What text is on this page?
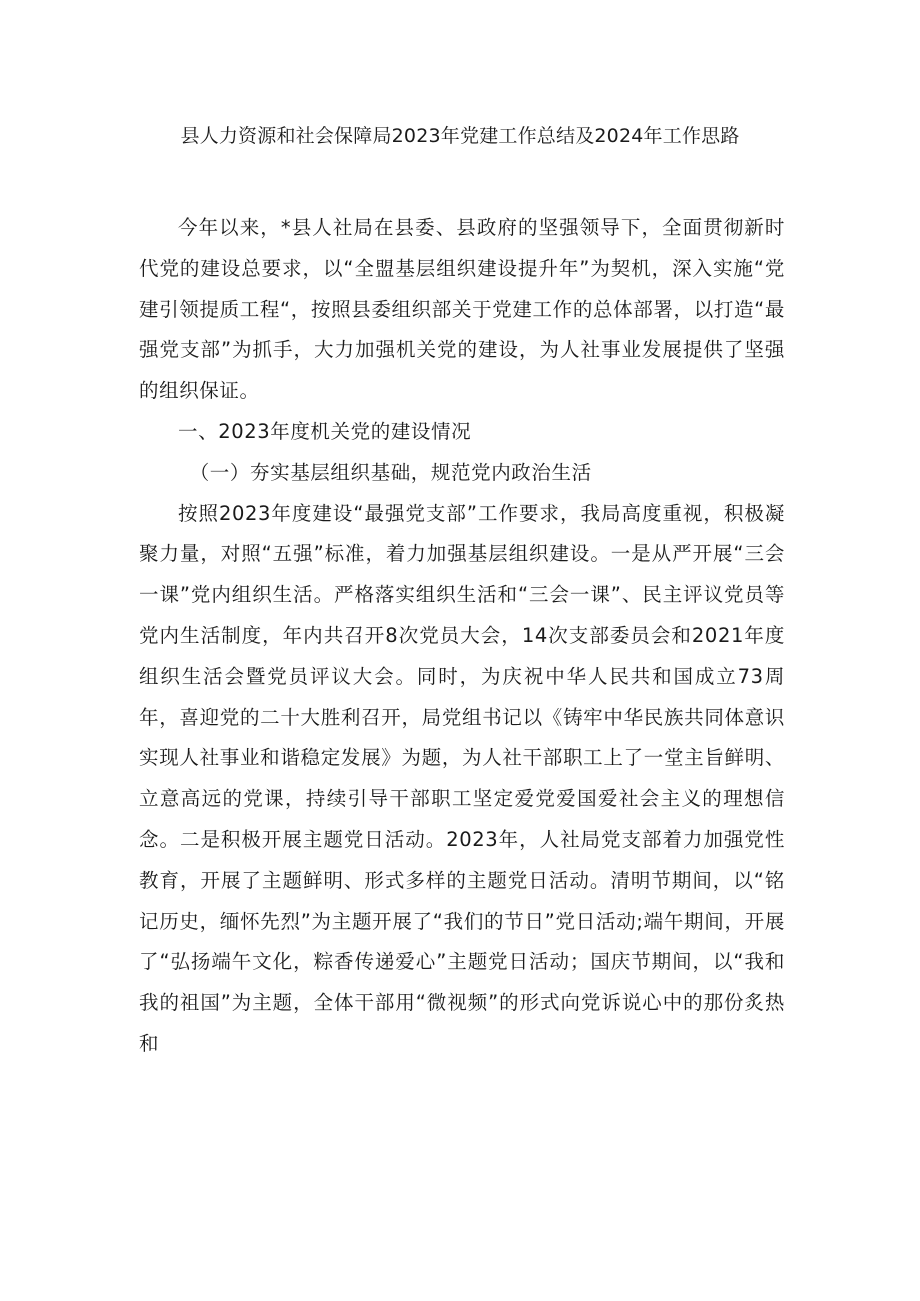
县人力资源和社会保障局2023年党建工作总结及2024年工作思路

今年以来，*县人社局在县委、县政府的坚强领导下，全面贯彻新时代党的建设总要求，以“全盟基层组织建设提升年”为契机，深入实施“党建引领提质工程“，按照县委组织部关于党建工作的总体部署，以打造“最强党支部”为抓手，大力加强机关党的建设，为人社事业发展提供了坚强的组织保证。

一、2023年度机关党的建设情况

（一）夯实基层组织基础，规范党内政治生活

按照2023年度建设“最强党支部”工作要求，我局高度重视，积极凝聚力量，对照“五强”标准，着力加强基层组织建设。一是从严开展“三会一课”党内组织生活。严格落实组织生活和“三会一课”、民主评议党员等党内生活制度，年内共召开8次党员大会，14次支部委员会和2021年度组织生活会暨党员评议大会。同时，为庆祝中华人民共和国成立73周年，喜迎党的二十大胜利召开，局党组书记以《铸牢中华民族共同体意识实现人社事业和谐稳定发展》为题，为人社干部职工上了一堂主旨鲜明、立意高远的党课，持续引导干部职工坚定爱党爱国爱社会主义的理想信念。二是积极开展主题党日活动。2023年，人社局党支部着力加强党性教育，开展了主题鲜明、形式多样的主题党日活动。清明节期间，以“铭记历史，缅怀先烈”为主题开展了“我们的节日”党日活动;端午期间，开展了“弘扬端午文化，粽香传递爱心”主题党日活动；国庆节期间，以“我和我的祖国”为主题，全体干部用“微视频”的形式向党诉说心中的那份炙热和
